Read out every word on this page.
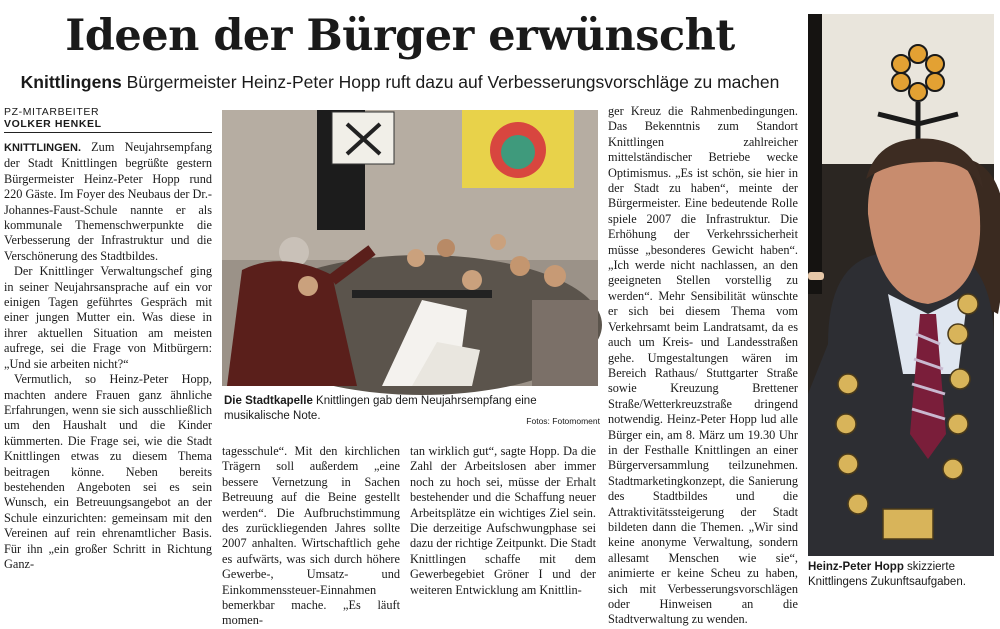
Ideen der Bürger erwünscht
Knittlingens Bürgermeister Heinz-Peter Hopp ruft dazu auf Verbesserungsvorschläge zu machen
PZ-MITARBEITER
VOLKER HENKEL

KNITTLINGEN. Zum Neujahrsempfang der Stadt Knittlingen begrüßte gestern Bürgermeister Heinz-Peter Hopp rund 220 Gäste. Im Foyer des Neubaus der Dr.-Johannes-Faust-Schule nannte er als kommunale Themenschwerpunkte die Verbesserung der Infrastruktur und die Verschönerung des Stadtbildes.

Der Knittlinger Verwaltungschef ging in seiner Neujahrsansprache auf ein vor einigen Tagen geführtes Gespräch mit einer jungen Mutter ein. Was diese in ihrer aktuellen Situation am meisten aufrege, sei die Frage von Mitbürgern: „Und sie arbeiten nicht?“

Vermutlich, so Heinz-Peter Hopp, machten andere Frauen ganz ähnliche Erfahrungen, wenn sie sich ausschließlich um den Haushalt und die Kinder kümmerten. Die Frage sei, wie die Stadt Knittlingen etwas zu diesem Thema beitragen könne. Neben bereits bestehenden Angeboten sei es sein Wunsch, ein Betreuungsangebot an der Schule einzurichten: gemeinsam mit den Vereinen auf rein ehrenamtlicher Basis. Für ihn „ein großer Schritt in Richtung Ganz-

Die Stadtkapelle Knittlingen gab dem Neujahrsempfang eine musikalische Note.	Fotos: Fotomoment

tagesschule“. Mit den kirchlichen Trägern soll außerdem „eine bessere Vernetzung in Sachen Betreuung auf die Beine gestellt werden“. Die Aufbruchstimmung des zurückliegenden Jahres sollte 2007 anhalten. Wirtschaftlich gehe es aufwärts, was sich durch höhere Gewerbe-, Umsatz- und Einkommenssteuer-Einnahmen bemerkbar mache. „Es läuft momen-

tan wirklich gut“, sagte Hopp. Da die Zahl der Arbeitslosen aber immer noch zu hoch sei, müsse der Erhalt bestehender und die Schaffung neuer Arbeitsplätze ein wichtiges Ziel sein. Die derzeitige Aufschwungphase sei dazu der richtige Zeitpunkt. Die Stadt Knittlingen schaffe mit dem Gewerbegebiet Gröner I und der weiteren Entwicklung am Knittlin-

ger Kreuz die Rahmenbedingungen. Das Bekenntnis zum Standort Knittlingen zahlreicher mittelständischer Betriebe wecke Optimismus. „Es ist schön, sie hier in der Stadt zu haben“, meinte der Bürgermeister. Eine bedeutende Rolle spiele 2007 die Infrastruktur. Die Erhöhung der Verkehrssicherheit müsse „besonderes Gewicht haben“. „Ich werde nicht nachlassen, an den geeigneten Stellen vorstellig zu werden“. Mehr Sensibilität wünschte er sich bei diesem Thema vom Verkehrsamt beim Landratsamt, da es auch um Kreis- und Landesstraßen gehe. Umgestaltungen wären im Bereich Rathaus/ Stuttgarter Straße sowie Kreuzung Brettener Straße/Wetterkreuzstraße dringend notwendig. Heinz-Peter Hopp lud alle Bürger ein, am 8. März um 19.30 Uhr in der Festhalle Knittlingen an einer Bürgerversammlung teilzunehmen. Stadtmarketingkonzept, die Sanierung des Stadtbildes und die Attraktivitätssteigerung der Stadt bildeten dann die Themen. „Wir sind keine anonyme Verwaltung, sondern allesamt Menschen wie sie“, animierte er keine Scheu zu haben, sich mit Verbesserungsvorschlägen oder Hinweisen an die Stadtverwaltung zu wenden.

Heinz-Peter Hopp skizzierte Knittlingens Zukunftsaufgaben.
